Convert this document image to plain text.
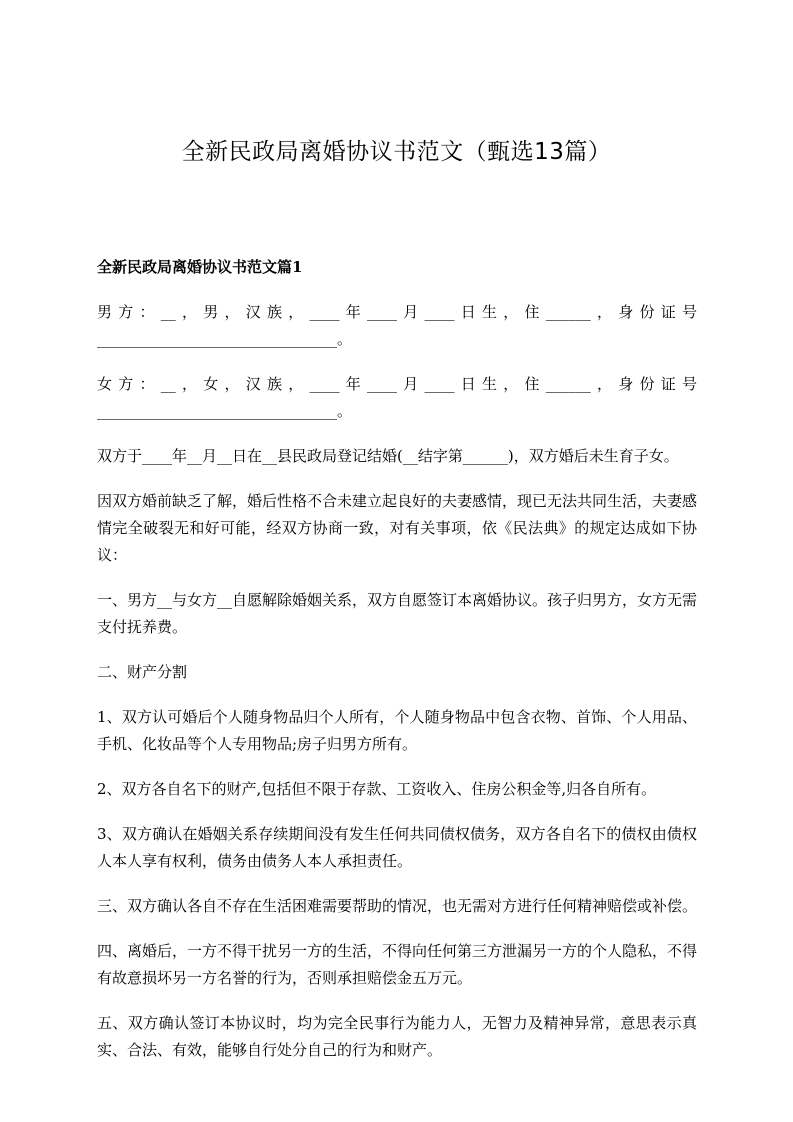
全新民政局离婚协议书范文（甄选13篇）
全新民政局离婚协议书范文篇1

男方：__，男，汉族，____年____月____日生，住______，身份证号________________________________。

女方：__，女，汉族，____年____月____日生，住______，身份证号________________________________。

双方于____年__月__日在__县民政局登记结婚(__结字第______)，双方婚后未生育子女。

因双方婚前缺乏了解，婚后性格不合未建立起良好的夫妻感情，现已无法共同生活，夫妻感情完全破裂无和好可能，经双方协商一致，对有关事项，依《民法典》的规定达成如下协议：

一、男方__与女方__自愿解除婚姻关系，双方自愿签订本离婚协议。孩子归男方，女方无需支付抚养费。

二、财产分割

1、双方认可婚后个人随身物品归个人所有，个人随身物品中包含衣物、首饰、个人用品、手机、化妆品等个人专用物品;房子归男方所有。

2、双方各自名下的财产,包括但不限于存款、工资收入、住房公积金等,归各自所有。

3、双方确认在婚姻关系存续期间没有发生任何共同债权债务，双方各自名下的债权由债权人本人享有权利，债务由债务人本人承担责任。

三、双方确认各自不存在生活困难需要帮助的情况，也无需对方进行任何精神赔偿或补偿。

四、离婚后，一方不得干扰另一方的生活，不得向任何第三方泄漏另一方的个人隐私，不得有故意损坏另一方名誉的行为，否则承担赔偿金五万元。

五、双方确认签订本协议时，均为完全民事行为能力人，无智力及精神异常，意思表示真实、合法、有效，能够自行处分自己的行为和财产。
